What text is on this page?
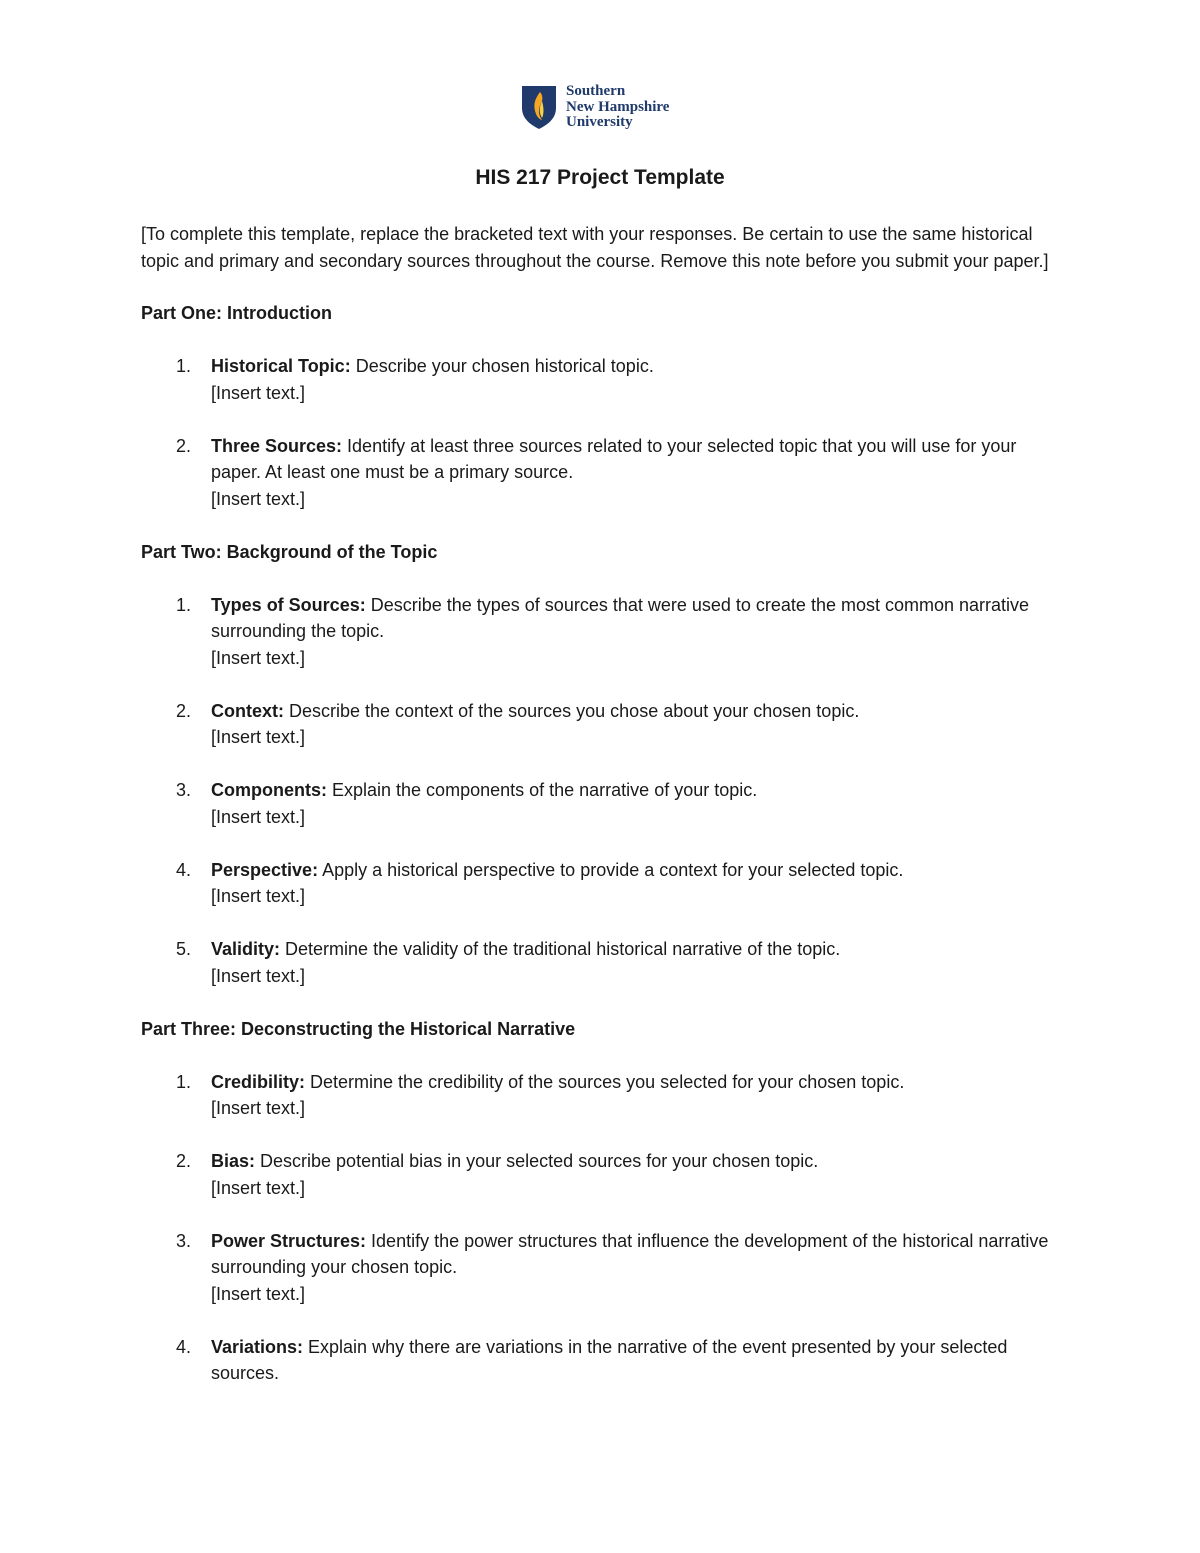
Southern
New Hampshire
University
HIS 217 Project Template

[To complete this template, replace the bracketed text with your responses. Be certain to use the same historical topic and primary and secondary sources throughout the course. Remove this note before you submit your paper.]

Part One: Introduction

1. Historical Topic: Describe your chosen historical topic.
[Insert text.]
2. Three Sources: Identify at least three sources related to your selected topic that you will use for your paper. At least one must be a primary source.
[Insert text.]

Part Two: Background of the Topic

1. Types of Sources: Describe the types of sources that were used to create the most common narrative surrounding the topic.
[Insert text.]
2. Context: Describe the context of the sources you chose about your chosen topic.
[Insert text.]
3. Components: Explain the components of the narrative of your topic.
[Insert text.]
4. Perspective: Apply a historical perspective to provide a context for your selected topic.
[Insert text.]
5. Validity: Determine the validity of the traditional historical narrative of the topic.
[Insert text.]

Part Three: Deconstructing the Historical Narrative

1. Credibility: Determine the credibility of the sources you selected for your chosen topic.
[Insert text.]
2. Bias: Describe potential bias in your selected sources for your chosen topic.
[Insert text.]
3. Power Structures: Identify the power structures that influence the development of the historical narrative surrounding your chosen topic.
[Insert text.]
4. Variations: Explain why there are variations in the narrative of the event presented by your selected sources.
